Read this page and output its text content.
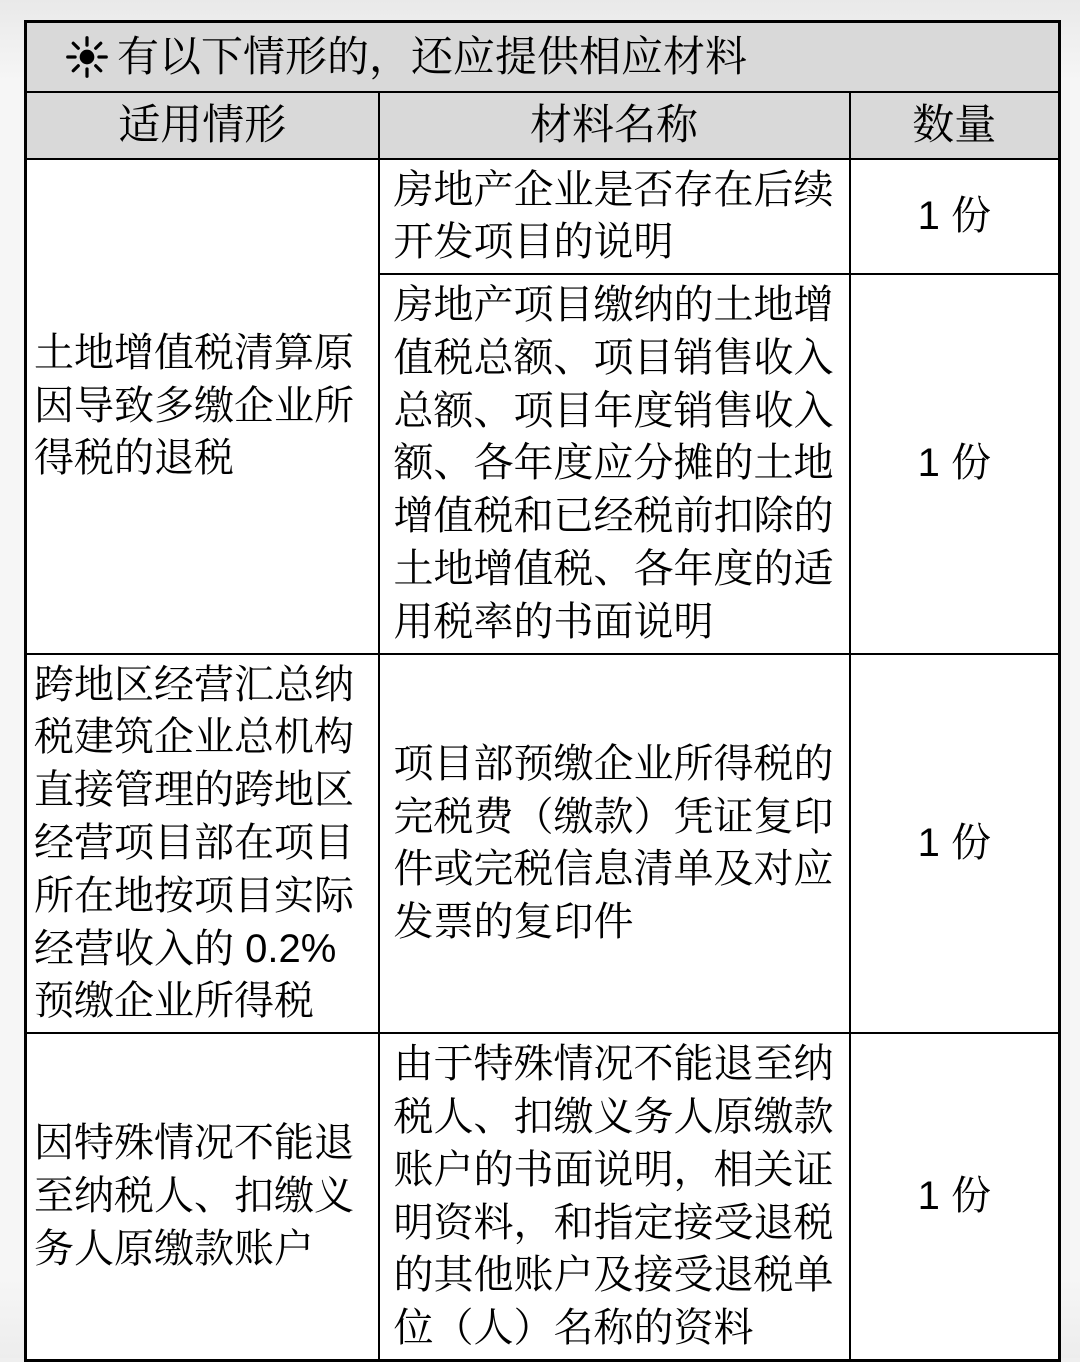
有以下情形的，还应提供相应材料		

适用情形	材料名称	数量
土地增值税清算原因导致多缴企业所得税的退税	房地产企业是否存在后续开发项目的说明	1 份
	房地产项目缴纳的土地增值税总额、项目销售收入总额、项目年度销售收入额、各年度应分摊的土地增值税和已经税前扣除的土地增值税、各年度的适用税率的书面说明	1 份
跨地区经营汇总纳税建筑企业总机构直接管理的跨地区经营项目部在项目所在地按项目实际经营收入的 0.2%预缴企业所得税	项目部预缴企业所得税的完税费（缴款）凭证复印件或完税信息清单及对应发票的复印件	1 份
因特殊情况不能退至纳税人、扣缴义务人原缴款账户	由于特殊情况不能退至纳税人、扣缴义务人原缴款账户的书面说明，相关证明资料，和指定接受退税的其他账户及接受退税单位（人）名称的资料	1 份
